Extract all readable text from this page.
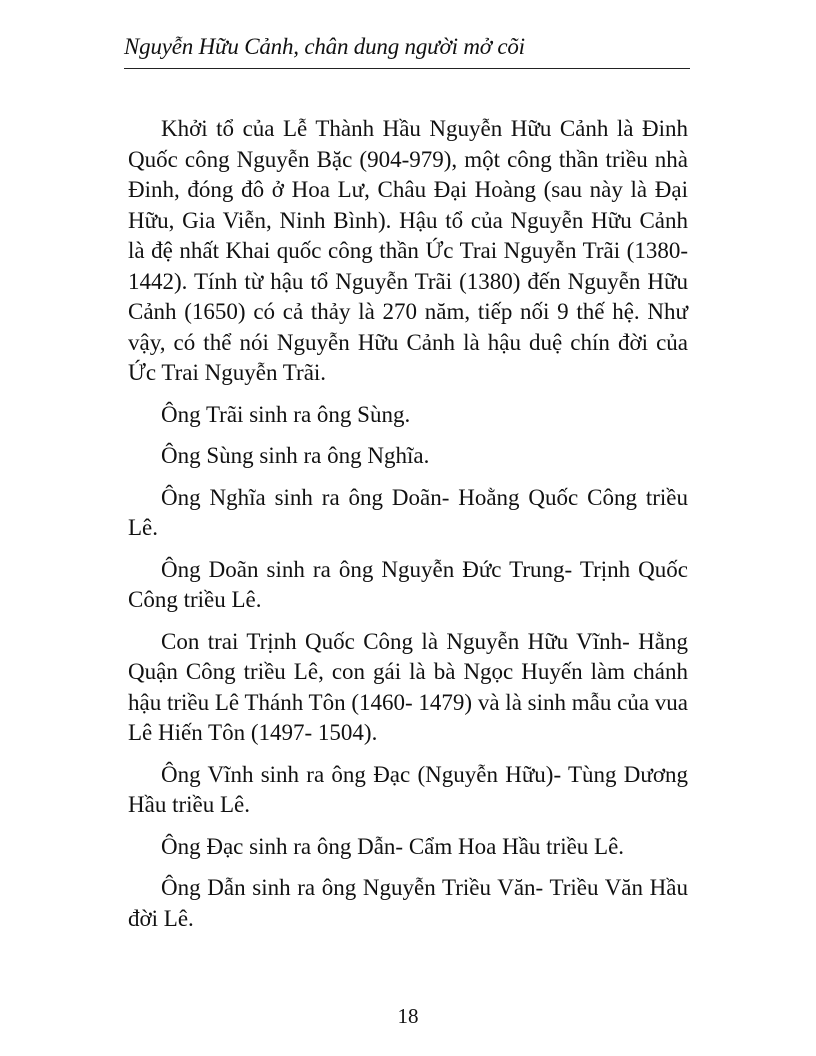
Nguyễn Hữu Cảnh, chân dung người mở cõi

Khởi tổ của Lễ Thành Hầu Nguyễn Hữu Cảnh là Đinh Quốc công Nguyễn Bặc (904-979), một công thần triều nhà Đinh, đóng đô ở Hoa Lư, Châu Đại Hoàng (sau này là Đại Hữu, Gia Viễn, Ninh Bình). Hậu tổ của Nguyễn Hữu Cảnh là đệ nhất Khai quốc công thần Ức Trai Nguyễn Trãi (1380-1442). Tính từ hậu tổ Nguyễn Trãi (1380) đến Nguyễn Hữu Cảnh (1650) có cả thảy là 270 năm, tiếp nối 9 thế hệ. Như vậy, có thể nói Nguyễn Hữu Cảnh là hậu duệ chín đời của Ức Trai Nguyễn Trãi.

Ông Trãi sinh ra ông Sùng.

Ông Sùng sinh ra ông Nghĩa.

Ông Nghĩa sinh ra ông Doãn- Hoằng Quốc Công triều Lê.

Ông Doãn sinh ra ông Nguyễn Đức Trung- Trịnh Quốc Công triều Lê.

Con trai Trịnh Quốc Công là Nguyễn Hữu Vĩnh- Hằng Quận Công triều Lê, con gái là bà Ngọc Huyến làm chánh hậu triều Lê Thánh Tôn (1460- 1479) và là sinh mẫu của vua Lê Hiến Tôn (1497- 1504).

Ông Vĩnh sinh ra ông Đạc (Nguyễn Hữu)- Tùng Dương Hầu triều Lê.

Ông Đạc sinh ra ông Dẫn- Cẩm Hoa Hầu triều Lê.

Ông Dẫn sinh ra ông Nguyễn Triều Văn- Triều Văn Hầu đời Lê.

18
